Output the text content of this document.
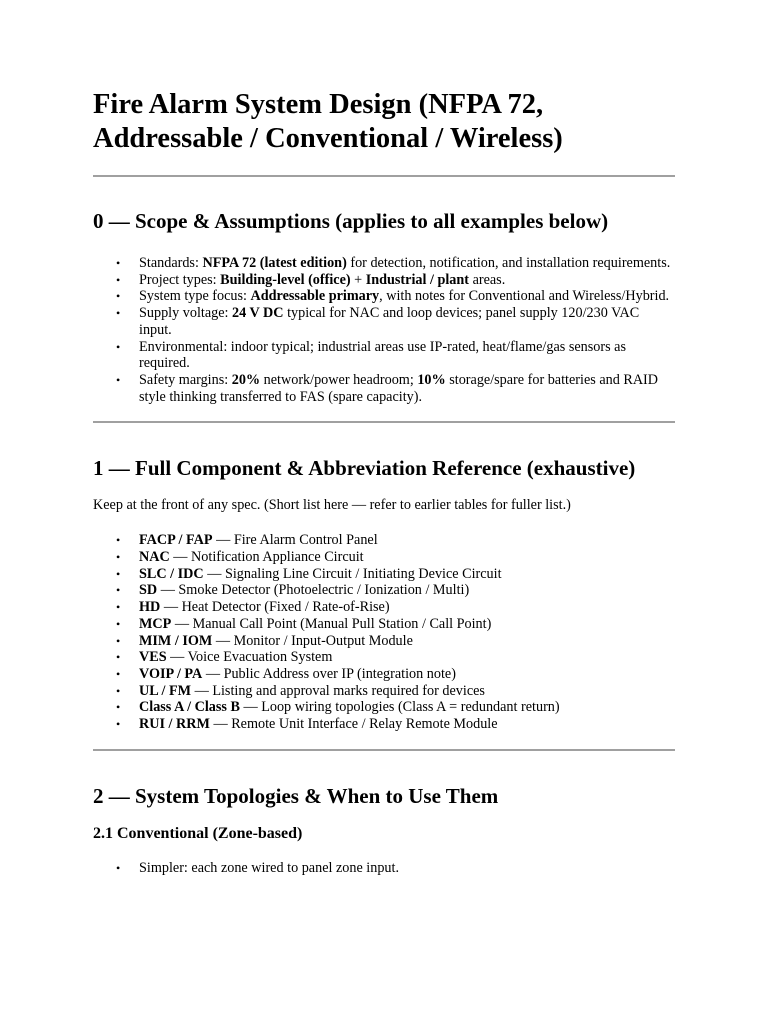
Fire Alarm System Design (NFPA 72, Addressable / Conventional / Wireless)
0 — Scope & Assumptions (applies to all examples below)
• Standards: NFPA 72 (latest edition) for detection, notification, and installation requirements.
• Project types: Building-level (office) + Industrial / plant areas.
• System type focus: Addressable primary, with notes for Conventional and Wireless/Hybrid.
• Supply voltage: 24 V DC typical for NAC and loop devices; panel supply 120/230 VAC input.
• Environmental: indoor typical; industrial areas use IP-rated, heat/flame/gas sensors as required.
• Safety margins: 20% network/power headroom; 10% storage/spare for batteries and RAID style thinking transferred to FAS (spare capacity).
1 — Full Component & Abbreviation Reference (exhaustive)

Keep at the front of any spec. (Short list here — refer to earlier tables for fuller list.)

• FACP / FAP — Fire Alarm Control Panel
• NAC — Notification Appliance Circuit
• SLC / IDC — Signaling Line Circuit / Initiating Device Circuit
• SD — Smoke Detector (Photoelectric / Ionization / Multi)
• HD — Heat Detector (Fixed / Rate-of-Rise)
• MCP — Manual Call Point (Manual Pull Station / Call Point)
• MIM / IOM — Monitor / Input-Output Module
• VES — Voice Evacuation System
• VOIP / PA — Public Address over IP (integration note)
• UL / FM — Listing and approval marks required for devices
• Class A / Class B — Loop wiring topologies (Class A = redundant return)
• RUI / RRM — Remote Unit Interface / Relay Remote Module
2 — System Topologies & When to Use Them
2.1 Conventional (Zone-based)
• Simpler: each zone wired to panel zone input.
